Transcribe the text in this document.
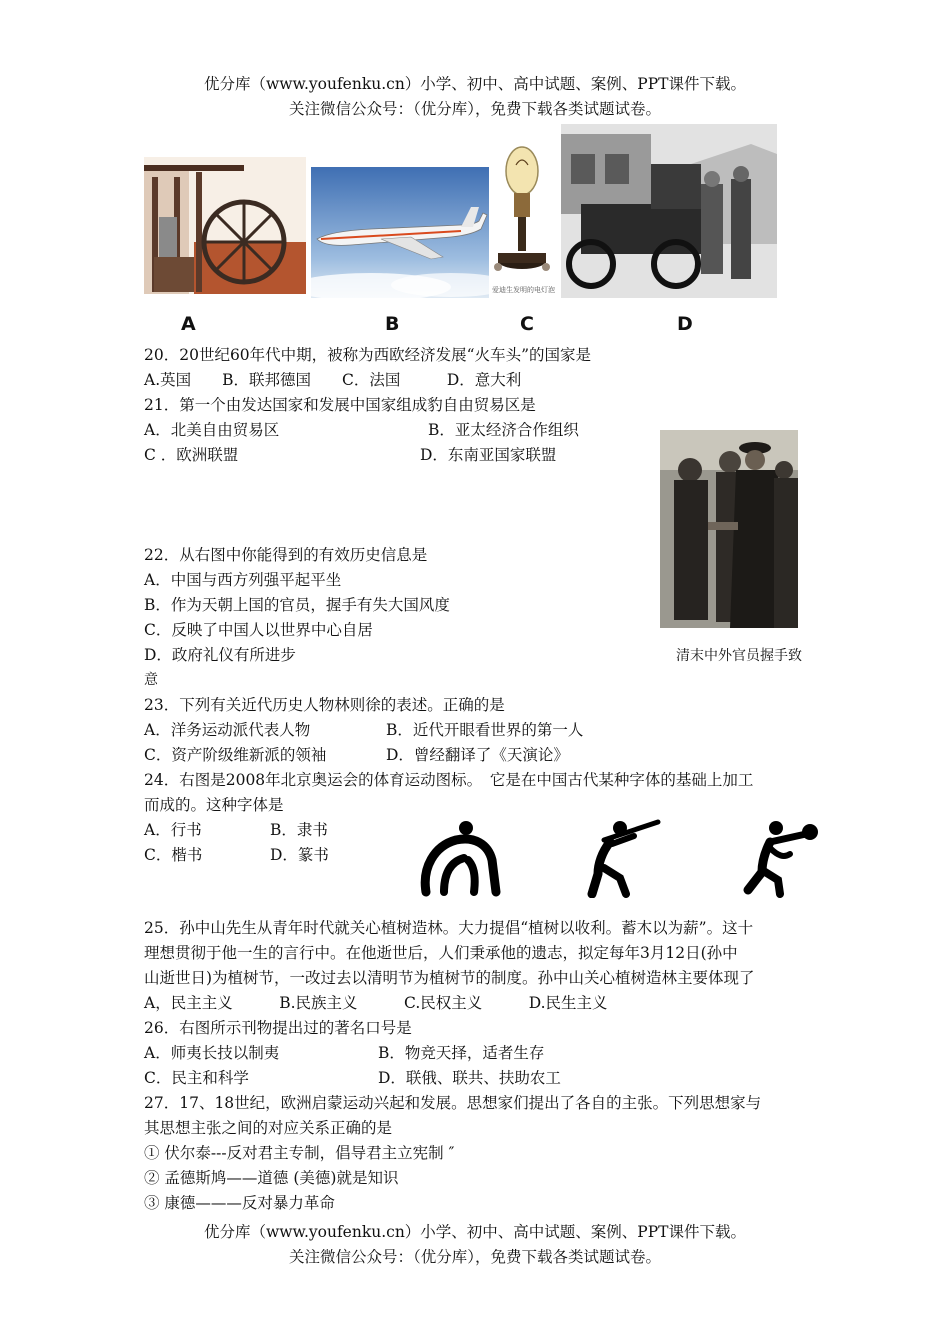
优分库（www.youfenku.cn）小学、初中、高中试题、案例、PPT课件下载。
关注微信公众号：（优分库），免费下载各类试题试卷。
爱迪生发明的电灯泡
A	B	C	D
20．20世纪60年代中期，被称为西欧经济发展“火车头”的国家是
A.英国　　B．联邦德国　　C．法国　　　D．意大利
21．第一个由发达国家和发展中国家组成豹自由贸易区是
A．北美自由贸易区	B．亚太经济合作组织
C ．欧洲联盟	D．东南亚国家联盟
清末中外官员握手致
22．从右图中你能得到的有效历史信息是
A．中国与西方列强平起平坐
B．作为天朝上国的官员，握手有失大国风度
C．反映了中国人以世界中心自居
D．政府礼仪有所进步
意
23．下列有关近代历史人物林则徐的表述。正确的是
A．洋务运动派代表人物	B．近代开眼看世界的第一人
C．资产阶级维新派的领袖	D．曾经翻译了《天演论》
24．右图是2008年北京奥运会的体育运动图标。　它是在中国古代某种字体的基础上加工
而成的。这种字体是
A．行书	B．隶书
C．楷书	D．篆书
25．孙中山先生从青年时代就关心植树造林。大力提倡“植树以收利。蓄木以为薪”。这十
理想贯彻于他一生的言行中。在他逝世后，人们秉承他的遗志，拟定每年3月12日(孙中
山逝世日)为植树节，一改过去以清明节为植树节的制度。孙中山关心植树造林主要体现了
A，民主主义　　　B.民族主义　　　C.民权主义　　　D.民生主义
26．右图所示刊物提出过的著名口号是
A．师夷长技以制夷	B．物竞天择，适者生存
C．民主和科学	D．联俄、联共、扶助农工
27．17、18世纪，欧洲启蒙运动兴起和发展。思想家们提出了各自的主张。下列思想家与
其思想主张之间的对应关系正确的是
① 伏尔泰---反对君主专制，倡导君主立宪制 ″
② 孟德斯鸠——道德 (美德)就是知识
③ 康德———反对暴力革命
优分库（www.youfenku.cn）小学、初中、高中试题、案例、PPT课件下载。
关注微信公众号：（优分库），免费下载各类试题试卷。
